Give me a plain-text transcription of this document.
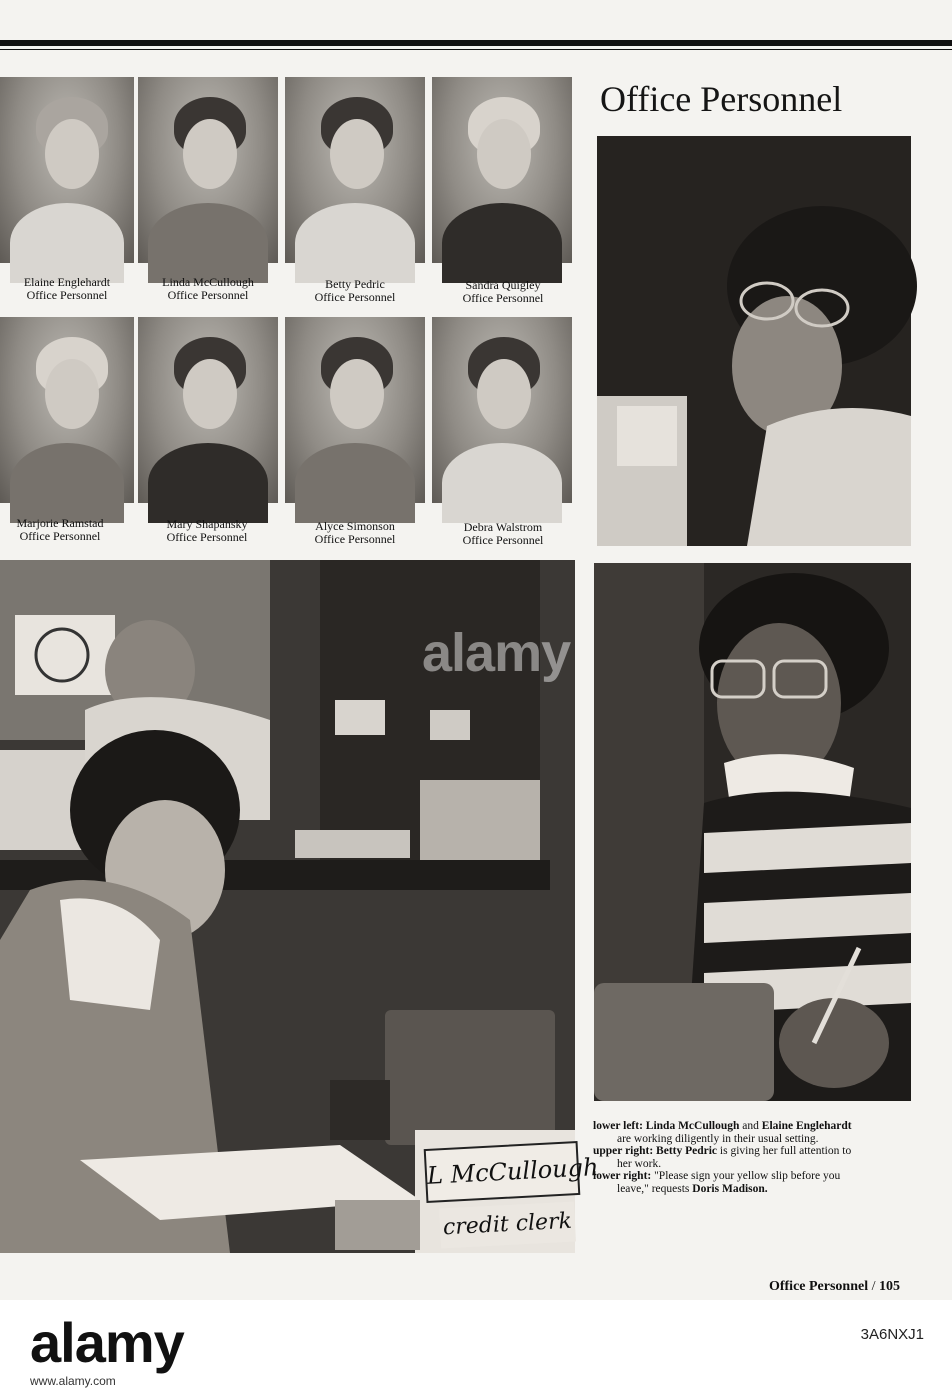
Elaine Englehardt
Office Personnel
Linda McCullough
Office Personnel
Betty Pedric
Office Personnel
Sandra Quigley
Office Personnel
Marjorie Ramstad
Office Personnel
Mary Shapansky
Office Personnel
Alyce Simonson
Office Personnel
Debra Walstrom
Office Personnel
Office Personnel
L McCullough
credit clerk
lower left: Linda McCullough and Elaine Englehardt
are working diligently in their usual setting.
upper right: Betty Pedric is giving her full attention to
her work.
lower right: "Please sign your yellow slip before you
leave," requests Doris Madison.
Office Personnel / 105
alamy
alamy
www.alamy.com
3A6NXJ1
